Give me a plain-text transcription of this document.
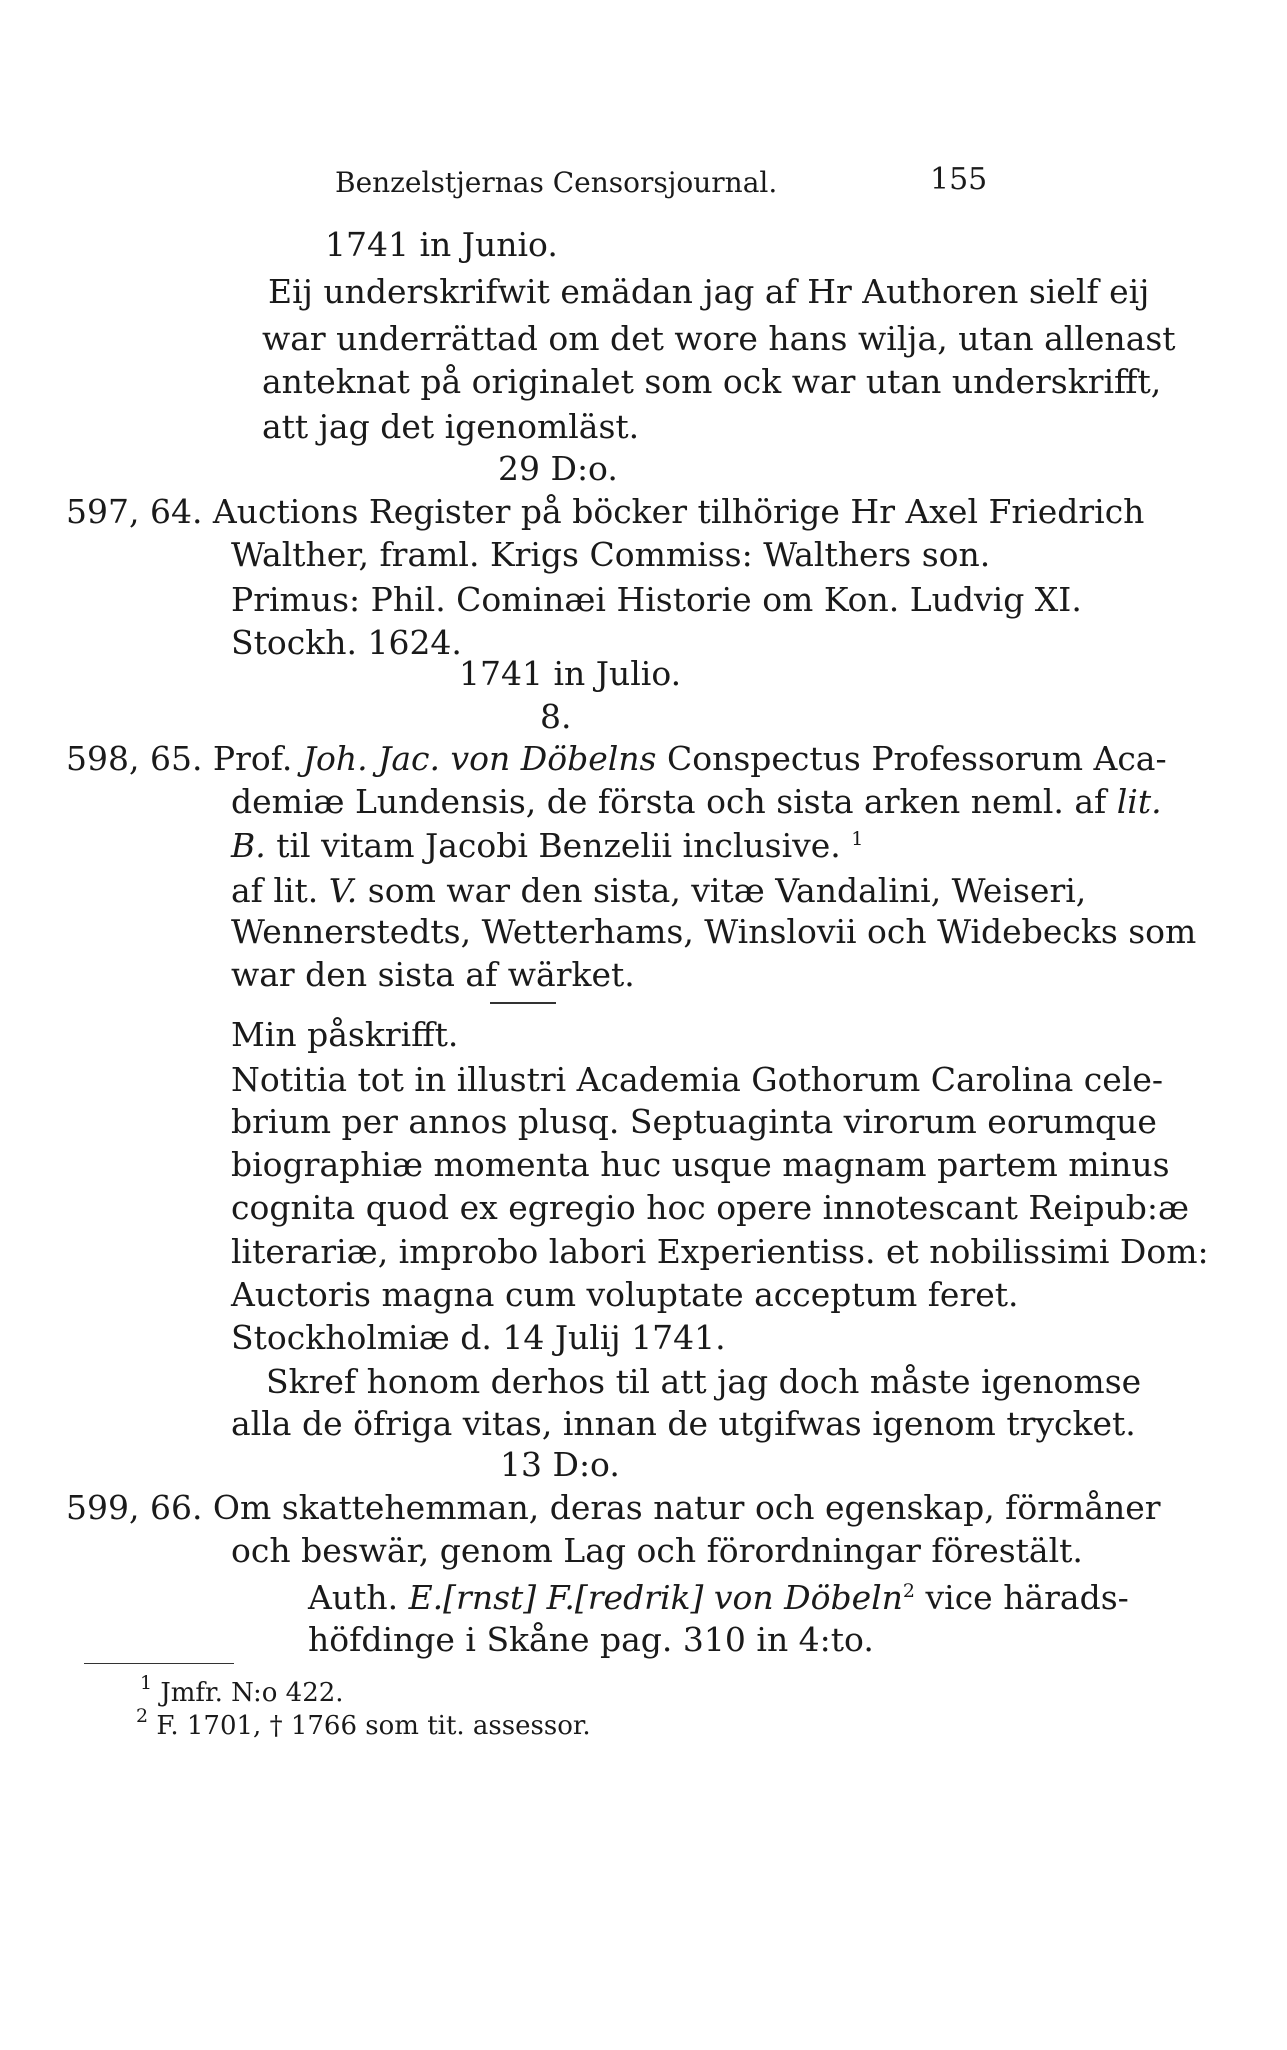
Benzelstjernas Censorsjournal.	155
1741 in Junio.
Eij underskrifwit emädan jag af Hr Authoren sielf eij
war underrättad om det wore hans wilja, utan allenast
anteknat på originalet som ock war utan underskrifft,
att jag det igenomläst.
29 D:o.
597, 64. Auctions Register på böcker tilhörige Hr Axel Friedrich
Walther, framl. Krigs Commiss: Walthers son.
Primus: Phil. Cominæi Historie om Kon. Ludvig XI.
Stockh. 1624.
1741 in Julio.
8.
598, 65. Prof. Joh. Jac. von Döbelns Conspectus Professorum Aca-
demiæ Lundensis, de första och sista arken neml. af lit.
B. til vitam Jacobi Benzelii inclusive. $^1$
af lit. V. som war den sista, vitæ Vandalini, Weiseri,
Wennerstedts, Wetterhams, Winslovii och Widebecks som
war den sista af wärket.
Min påskrifft.
Notitia tot in illustri Academia Gothorum Carolina cele-
brium per annos plusq. Septuaginta virorum eorumque
biographiæ momenta huc usque magnam partem minus
cognita quod ex egregio hoc opere innotescant Reipub:æ
literariæ, improbo labori Experientiss. et nobilissimi Dom:
Auctoris magna cum voluptate acceptum feret.
Stockholmiæ d. 14 Julij 1741.
Skref honom derhos til att jag doch måste igenomse
alla de öfriga vitas, innan de utgifwas igenom trycket.
13 D:o.
599, 66. Om skattehemman, deras natur och egenskap, förmåner
och beswär, genom Lag och förordningar förestält.
Auth. E.[rnst] F.[redrik] von Döbeln$^2$ vice härads-
höfdinge i Skåne pag. 310 in 4:to.
$^1$ Jmfr. N:o 422.
$^2$ F. 1701, † 1766 som tit. assessor.
